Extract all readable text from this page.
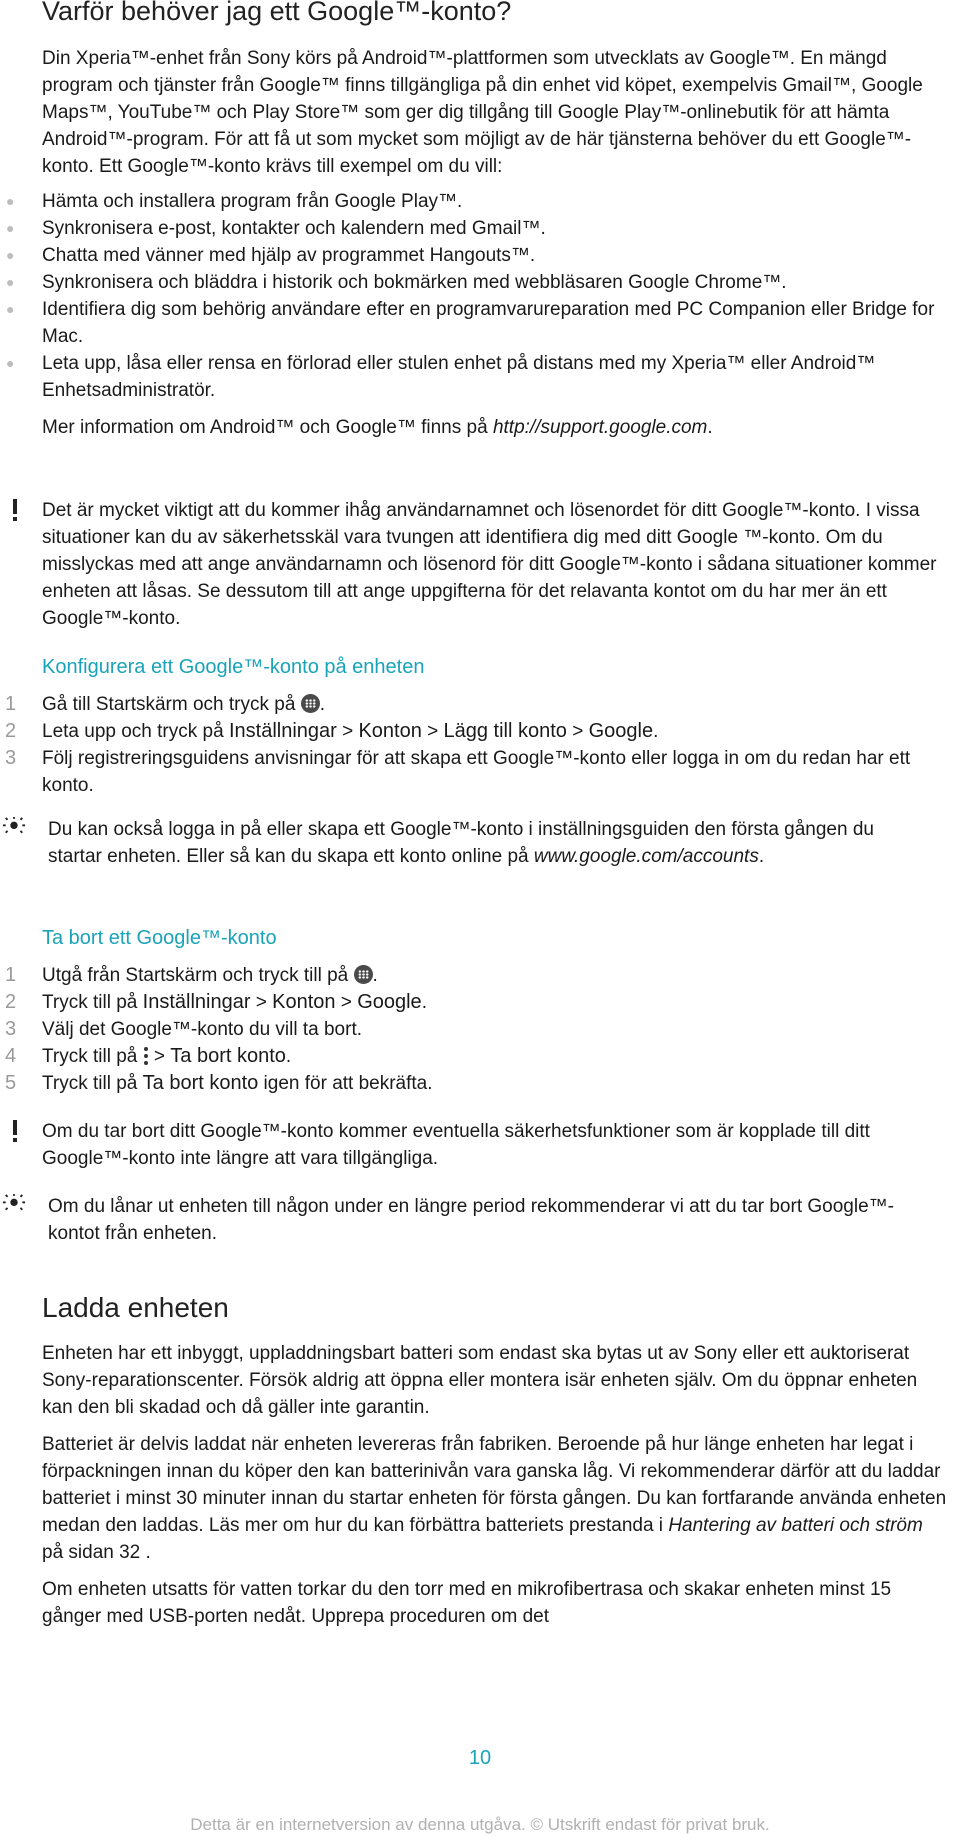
Varför behöver jag ett Google™-konto?

Din Xperia™-enhet från Sony körs på Android™-plattformen som utvecklats av Google™. En mängd program och tjänster från Google™ finns tillgängliga på din enhet vid köpet, exempelvis Gmail™, Google Maps™, YouTube™ och Play Store™ som ger dig tillgång till Google Play™-onlinebutik för att hämta Android™-program. För att få ut som mycket som möjligt av de här tjänsterna behöver du ett Google™-konto. Ett Google™-konto krävs till exempel om du vill:

● Hämta och installera program från Google Play™.
● Synkronisera e-post, kontakter och kalendern med Gmail™.
● Chatta med vänner med hjälp av programmet Hangouts™.
● Synkronisera och bläddra i historik och bokmärken med webbläsaren Google Chrome™.
● Identifiera dig som behörig användare efter en programvarureparation med PC Companion eller Bridge for Mac.
● Leta upp, låsa eller rensa en förlorad eller stulen enhet på distans med my Xperia™ eller Android™ Enhetsadministratör.

Mer information om Android™ och Google™ finns på http://support.google.com.

Det är mycket viktigt att du kommer ihåg användarnamnet och lösenordet för ditt Google™-konto. I vissa situationer kan du av säkerhetsskäl vara tvungen att identifiera dig med ditt Google ™-konto. Om du misslyckas med att ange användarnamn och lösenord för ditt Google™-konto i sådana situationer kommer enheten att låsas. Se dessutom till att ange uppgifterna för det relavanta kontot om du har mer än ett Google™-konto.

Konfigurera ett Google™-konto på enheten
1 Gå till Startskärm och tryck på .
2 Leta upp och tryck på Inställningar > Konton > Lägg till konto > Google.
3 Följ registreringsguidens anvisningar för att skapa ett Google™-konto eller logga in om du redan har ett konto.

Du kan också logga in på eller skapa ett Google™-konto i inställningsguiden den första gången du startar enheten. Eller så kan du skapa ett konto online på www.google.com/accounts.

Ta bort ett Google™-konto
1 Utgå från Startskärm och tryck till på .
2 Tryck till på Inställningar > Konton > Google.
3 Välj det Google™-konto du vill ta bort.
4 Tryck till på
> Ta bort konto.
5 Tryck till på Ta bort konto igen för att bekräfta.

Om du tar bort ditt Google™-konto kommer eventuella säkerhetsfunktioner som är kopplade till ditt Google™-konto inte längre att vara tillgängliga.

Om du lånar ut enheten till någon under en längre period rekommenderar vi att du tar bort Google™-kontot från enheten.

Ladda enheten

Enheten har ett inbyggt, uppladdningsbart batteri som endast ska bytas ut av Sony eller ett auktoriserat Sony-reparationscenter. Försök aldrig att öppna eller montera isär enheten själv. Om du öppnar enheten kan den bli skadad och då gäller inte garantin.

Batteriet är delvis laddat när enheten levereras från fabriken. Beroende på hur länge enheten har legat i förpackningen innan du köper den kan batterinivån vara ganska låg. Vi rekommenderar därför att du laddar batteriet i minst 30 minuter innan du startar enheten för första gången. Du kan fortfarande använda enheten medan den laddas. Läs mer om hur du kan förbättra batteriets prestanda i Hantering av batteri och ström på sidan 32 .

Om enheten utsatts för vatten torkar du den torr med en mikrofibertrasa och skakar enheten minst 15 gånger med USB-porten nedåt. Upprepa proceduren om det

10
Detta är en internetversion av denna utgåva. © Utskrift endast för privat bruk.
